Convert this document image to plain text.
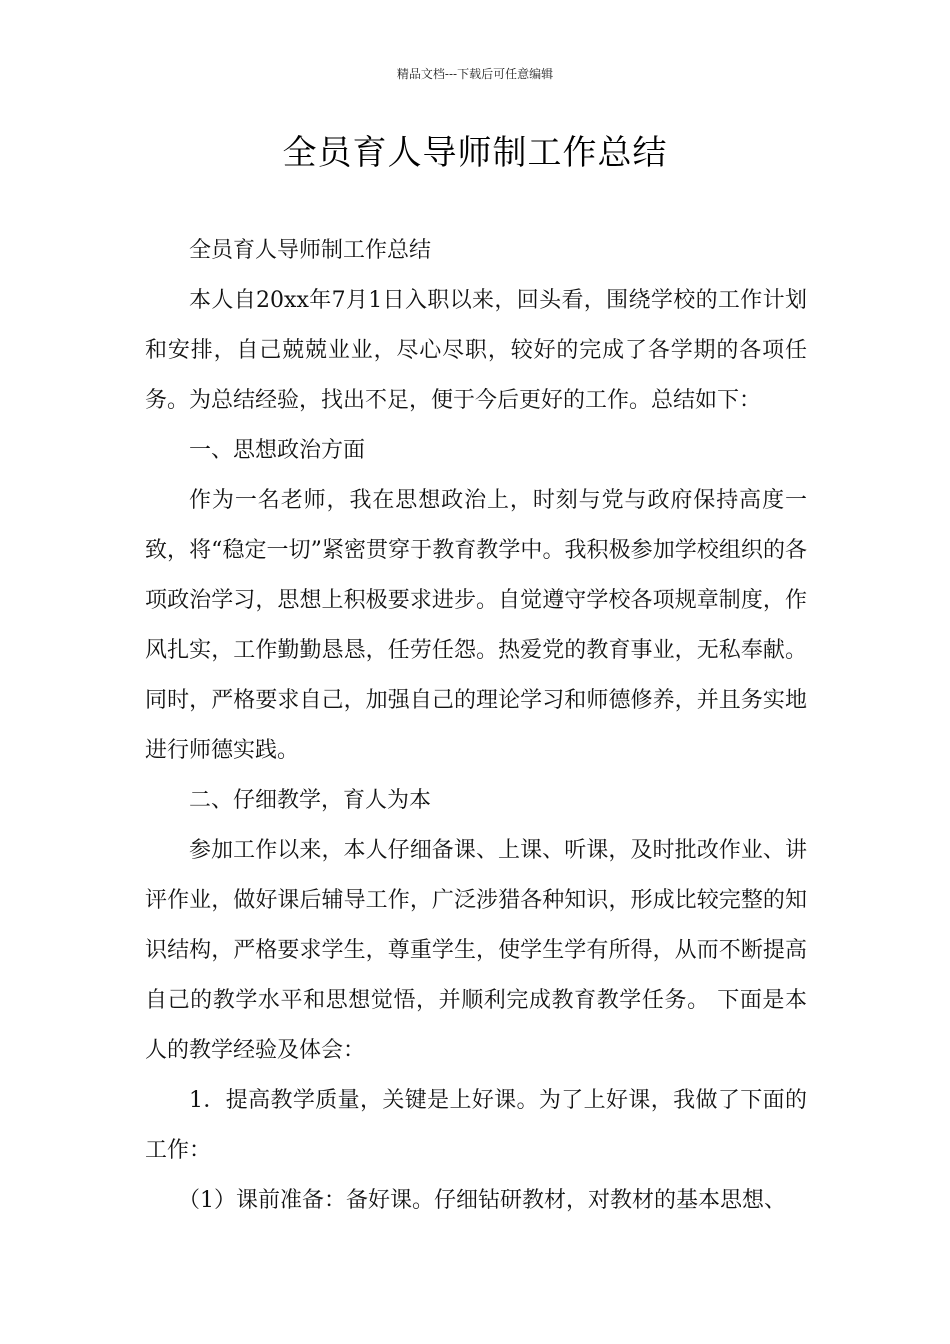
精品文档---下载后可任意编辑
全员育人导师制工作总结

全员育人导师制工作总结

本人自20xx年7月1日入职以来，回头看，围绕学校的工作计划和安排，自己兢兢业业，尽心尽职，较好的完成了各学期的各项任务。为总结经验，找出不足，便于今后更好的工作。总结如下：

一、思想政治方面

作为一名老师，我在思想政治上，时刻与党与政府保持高度一致，将“稳定一切”紧密贯穿于教育教学中。我积极参加学校组织的各项政治学习，思想上积极要求进步。自觉遵守学校各项规章制度，作风扎实，工作勤勤恳恳，任劳任怨。热爱党的教育事业，无私奉献。同时，严格要求自己，加强自己的理论学习和师德修养，并且务实地进行师德实践。

二、仔细教学，育人为本

参加工作以来，本人仔细备课、上课、听课，及时批改作业、讲评作业，做好课后辅导工作，广泛涉猎各种知识，形成比较完整的知识结构，严格要求学生，尊重学生，使学生学有所得，从而不断提高自己的教学水平和思想觉悟，并顺利完成教育教学任务。 下面是本人的教学经验及体会：

1．提高教学质量，关键是上好课。为了上好课，我做了下面的工作：

（1）课前准备：备好课。仔细钻研教材，对教材的基本思想、
